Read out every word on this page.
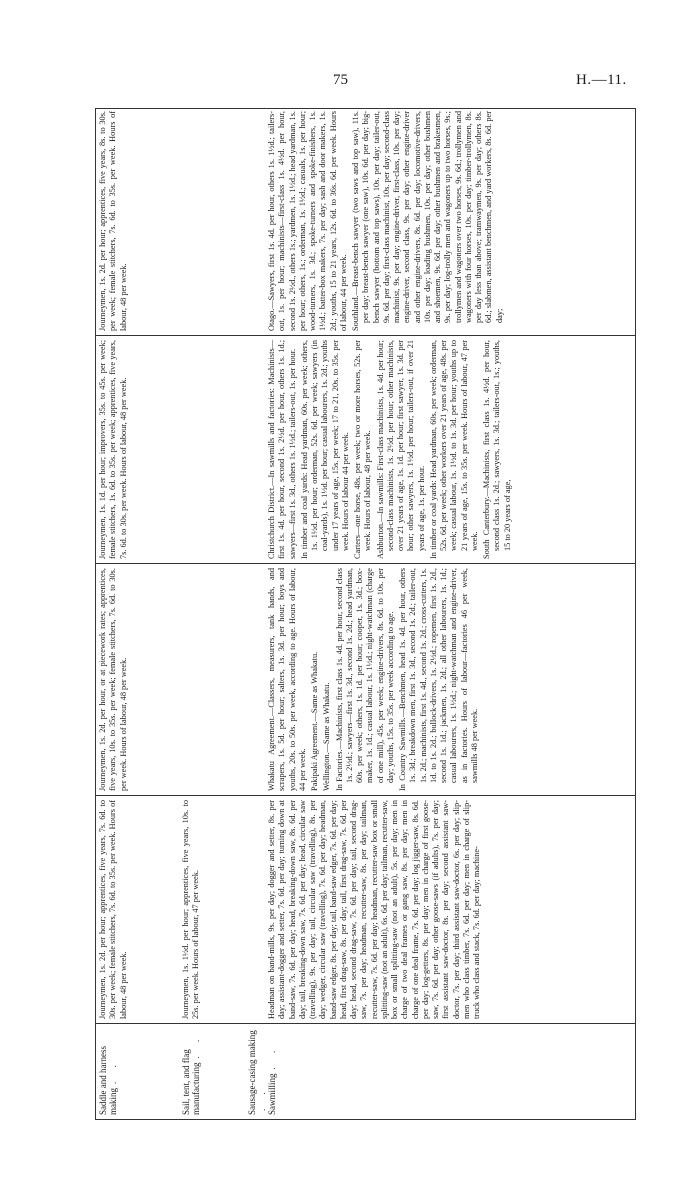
75	H.—11.
Saddle and harness making. .
Journeymen, 1s. 2d. per hour; apprentices, five years, 7s. 6d. to 30s. per week; female stitchers, 7s. 6d. to 35s. per week. Hours of labour, 48 per week.
Journeymen, 1s. 2d. per hour, or at piecework rates; apprentices, five years, 10s. to 35s. per week; female stitchers, 7s. 6d. to 30s. per week. Hours of labour, 48 per week.
Journeymen, 1s. 1d. per hour; improvers, 35s. to 45s. per week; female stitchers, 1s. 6d. to 35s. per week; apprentices, five years, 7s. 6d. to 30s. per week. Hours of labour, 48 per week.
Journeymen, 1s. 2d. per hour; apprentices, five years, 8s. to 30s. per week; female stitchers, 7s. 6d. to 35s. per week. Hours of labour, 48 per week.
Sail, tent, and flag manufacturing. .
Journeymen, 1s. 1½d. per hour; apprentices, five years, 10s. to 25s. per week. Hours of labour, 47 per week.
Sausage-casing making. . Sawmilling. .
Headman on band-mills, 9s. per day; dogger and setter, 8s. per day; assistant-dogger and setter, 7s. 6d. per day; turning down at band-saw, 7s. 6d. per day; head, breaking-down saw, 8s. 6d. per day; tail, breaking-down saw, 7s. 6d. per day; head, circular saw (travelling), 9s. per day; tail, circular saw (travelling), 8s. per day; wedger, circular saw (travelling), 7s. 6d. per day; headman, band-saw edger, 8s. per day; tail, band-saw edger, 7s. 6d. per day; head, first drag-saw, 8s. per day; tail, first drag-saw, 7s. 6d. per day; head, second drag-saw, 7s. 6d. per day; tail, second drag-saw, 7s. per day; headman, recutter-saw, 8s. per day; tailman, recutter-saw, 7s. 6d. per day; headman, recutter-saw box or small splitting-saw (not an adult), 6s. 6d. per day; tailman, recutter-saw, box or small splitting-saw (not an adult), 5s. per day; men in charge of two deal frames or gang saw, 8s. per day; men in charge of one deal frame, 7s. 6d. per day; log jigger-saw, 8s. 6d. per day; log-getters, 8s. per day; men in charge of first goose-saw, 7s. 6d. per day; other goose-saws (if adults), 7s. per day; first assistant saw-doctor, 8s. per day; second assistant saw-doctor, 7s. per day; third assistant saw-doctor, 6s. per day; slip-men who class timber, 7s. 6d. per day; men in charge of slip-truck who class and stack, 7s. 6d. per day; machine-
Whakatu Agreement.—Classers, measurers, tank hands, and scrapers, 1s. 5d. per hour; salters, 1s. 3d. per hour; boys and youths, 20s. to 50s. per week, according to age. Hours of labour, 44 per week. Pakipaki Agreement.—Same as Whakatu. Wellington.—Same as Whakatu. In Factories.—Machinists, first class 1s. 4d. per hour, second class 1s. 2½d.; sawyers—first 1s. 3d., second 1s. 2d.; head yardman, 60s. per week; others, 1s. 1d. per hour; cooper, 1s. 3d.; box-maker, 1s. 1d.; casual labour, 1s. 1½d.; night-watchman (charge of one mill), 45s. per week; engine-drivers, 8s. 6d. to 10s. per day; youths, 15s. to 35s. per week according to age. In Country Sawmills.—Benchmen, head 1s. 4d. per hour, others 1s. 3d.; breakdown men, first 1s. 3d., second 1s. 2d.; tailer-out, 1s. 2d.; machinists, first 1s. 4d., second 1s. 2d.; cross-cutters, 1s. 1d. to 1s. 2d.; bullock-drivers, 1s. 2½d.; ropemen, first 1s. 2d., second 1s. 1d.; jackmen, 1s. 2d.; all other labourers, 1s. 1d.; casual labourers, 1s. 1½d.; night-watchman and engine-driver, as in factories. Hours of labour—factories 46 per week, sawmills 48 per week.
Christchurch District.—In sawmills and factories: Machinists—first 1s. 4d. per hour, second 1s. 2½d. per hour, others 1s. 1d.; sawyers—first 1s. 3d., others 1s. 1½d.; tailers-out, 1s. per hour. In timber and coal yards: Head yardman, 60s. per week; others, 1s. 1½d. per hour; orderman, 52s. 6d. per week; sawyers (in coal-yards), 1s. 1½d. per hour; casual labourers, 1s. 2d.; youths under 17 years of age, 15s. per week; 17 to 21, 20s. to 35s. per week. Hours of labour 44 per week. Carters—one horse, 48s. per week; two or more horses, 52s. per week. Hours of labour, 48 per week. Ashburton.—In sawmills: First-class machinists, 1s. 4d. per hour; second-class machinists, 1s. 2½d. per hour; other machinists, over 21 years of age, 1s. 1d. per hour; first sawyer, 1s. 3d. per hour; other sawyers, 1s. 1½d. per hour; tailers-out, if over 21 years of age, 1s. per hour. In timber or coal yards: Head yardman, 60s. per week; orderman, 52s. 6d. per week; other workers over 21 years of age, 48s. per week; casual labour, 1s. 1½d. to 1s. 3d. per hour; youths up to 21 years of age, 15s. to 35s. per week. Hours of labour, 47 per week. South Canterbury.—Machinists, first class 1s. 4½d. per hour, second class 1s. 2d.; sawyers, 1s. 3d.; tailers-out, 1s.; youths, 15 to 20 years of age,
Otago.—Sawyers, first 1s. 4d. per hour, others 1s. 1½d.; tailers-out, 1s. per hour; machinists—first-class 1s. 4½d. per hour, second 1s. 2½d., others 1s.; yardmen, 1s. 1½d.; head yardman, 1s. per hour; others, 1s.; orderman, 1s. 1½d.; casuals, 1s. per hour; wood-turners, 1s. 3d.; spoke-turners and spoke-finishers, 1s. 1½d.; batter-box makers, 7s. per day; sash and door makers, 1s. 2d.; youths, 15 to 21 years, 12s. 6d. to 36s. 6d. per week. Hours of labour, 44 per week. Southland.—Breast-bench sawyer (two saws and top saw), 11s. per day; breast-bench sawyer (one saw), 10s. 6d. per day; big-bench sawyer (bottom and top saws), 10s. per day; tailer-out, 9s. 6d. per day; first-class machinist, 10s. per day; second-class machinist, 9s. per day; engine-driver, first-class, 10s. per day; engine-driver, second class, 9s. per day; other engine-driver and other engine-drivers, 8s. 6d. per day; locomotive-drivers, 10s. per day; loading bushmen, 10s. per day; other bushmen and shoemen, 9s. 6d. per day; other bushmen and brakesmen, 9s. per day; log-trolly men and wagoners up to two horses, 9s.; trollymen and wagoners over two horses, 9s. 6d.; trollymen and wagoners with four horses, 10s. per day; timber-trollymen, 8s. per day less than above; tramwaymen, 9s. per day; others 8s. 6d.; slabmen, assistant benchmen, and yard workers, 8s. 6d. per day;
